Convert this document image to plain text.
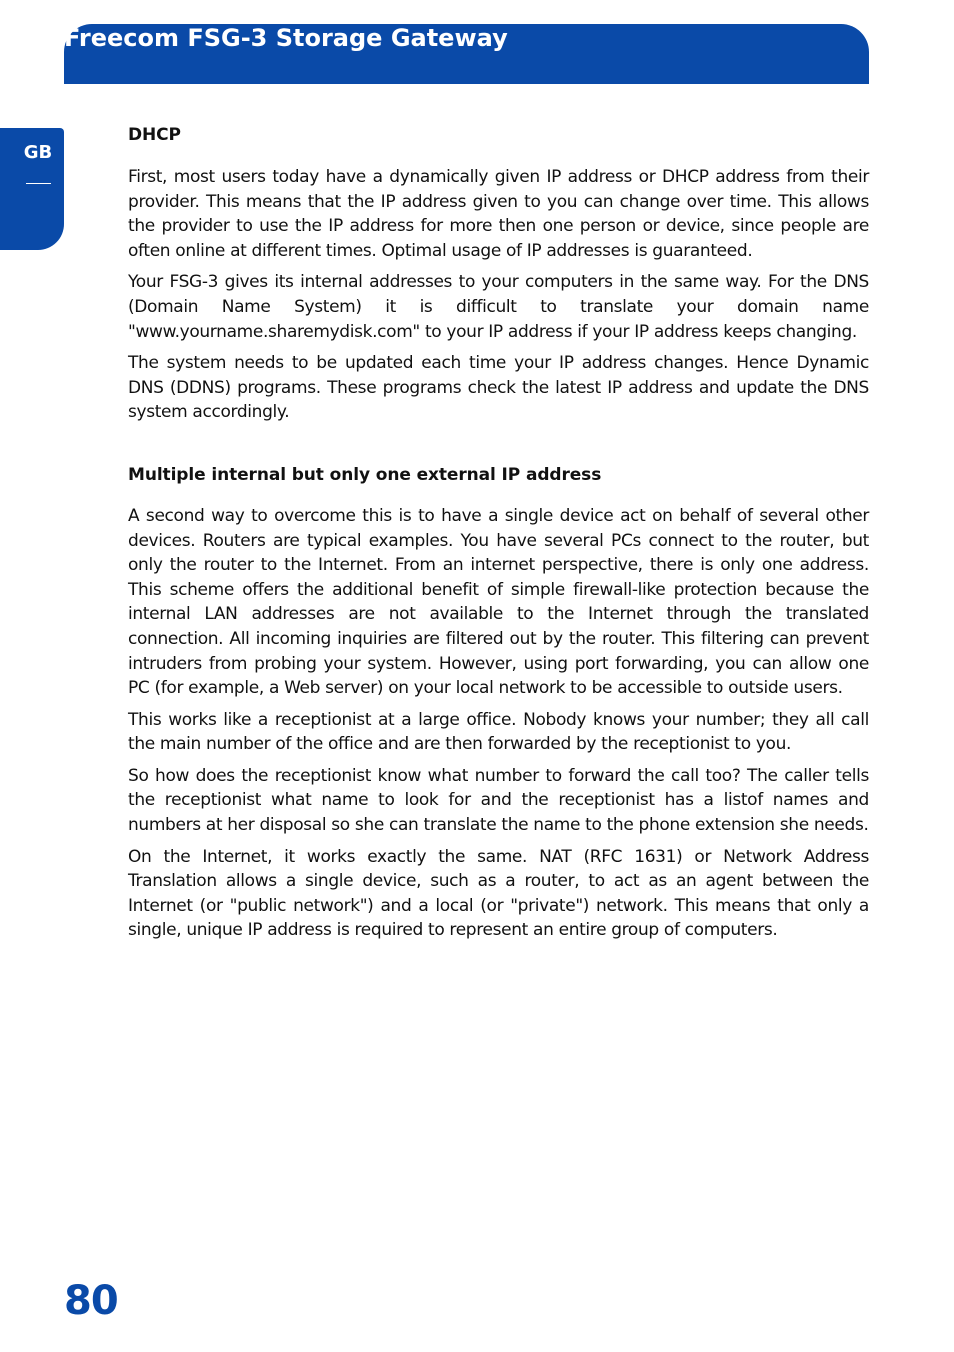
Freecom FSG-3 Storage Gateway
GB
DHCP

First, most users today have a dynamically given IP address or DHCP address from their provider. This means that the IP address given to you can change over time. This allows the provider to use the IP address for more then one person or device, since people are often online at different times. Optimal usage of IP addresses is guaranteed.

Your FSG-3 gives its internal addresses to your computers in the same way. For the DNS (Domain Name System) it is difficult to translate your domain name "www.yourname.sharemydisk.com" to your IP address if your IP address keeps changing.

The system needs to be updated each time your IP address changes. Hence Dynamic DNS (DDNS) programs. These programs check the latest IP address and update the DNS system accordingly.

Multiple internal but only one external IP address

A second way to overcome this is to have a single device act on behalf of several other devices. Routers are typical examples. You have several PCs connect to the router, but only the router to the Internet. From an internet perspective, there is only one address. This scheme offers the additional benefit of simple firewall-like protection because the internal LAN addresses are not available to the Internet through the translated connection. All incoming inquiries are filtered out by the router. This filtering can prevent intruders from probing your system. However, using port forwarding, you can allow one PC (for example, a Web server) on your local network to be accessible to outside users.

This works like a receptionist at a large office. Nobody knows your number; they all call the main number of the office and are then forwarded by the receptionist to you.

So how does the receptionist know what number to forward the call too? The caller tells the receptionist what name to look for and the receptionist has a listof names and numbers at her disposal so she can translate the name to the phone extension she needs.

On the Internet, it works exactly the same. NAT (RFC 1631) or Network Address Translation allows a single device, such as a router, to act as an agent between the Internet (or "public network") and a local (or "private") network. This means that only a single, unique IP address is required to represent an entire group of computers.

80
